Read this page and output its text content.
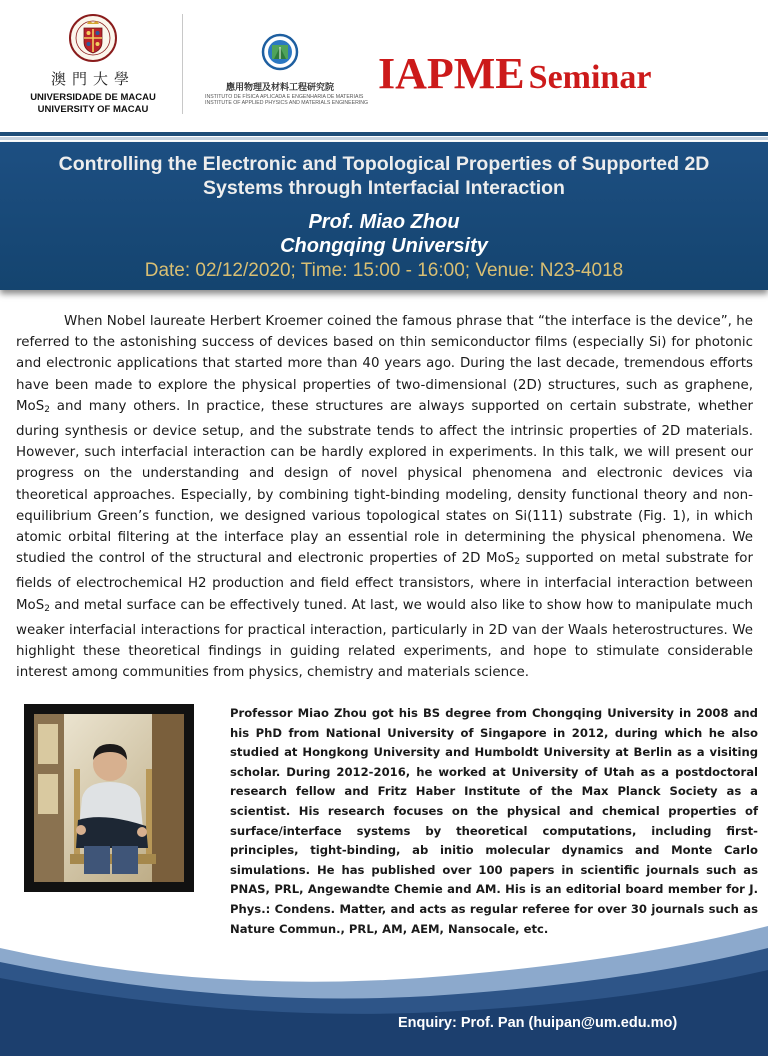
澳門大學
UNIVERSIDADE DE MACAU
UNIVERSITY OF MACAU
應用物理及材料工程研究院
INSTITUTO DE FÍSICA APLICADA E ENGENHARIA DE MATERIAIS
INSTITUTE OF APPLIED PHYSICS AND MATERIALS ENGINEERING
IAPME Seminar
Controlling the Electronic and Topological Properties of Supported 2D
Systems through Interfacial Interaction
Prof. Miao Zhou
Chongqing University
Date: 02/12/2020; Time: 15:00 - 16:00; Venue: N23-4018

When Nobel laureate Herbert Kroemer coined the famous phrase that “the interface is the device”, he referred to the astonishing success of devices based on thin semiconductor films (especially Si) for photonic and electronic applications that started more than 40 years ago. During the last decade, tremendous efforts have been made to explore the physical properties of two-dimensional (2D) structures, such as graphene, MoS$_2$ and many others. In practice, these structures are always supported on certain substrate, whether during synthesis or device setup, and the substrate tends to affect the intrinsic properties of 2D materials. However, such interfacial interaction can be hardly explored in experiments. In this talk, we will present our progress on the understanding and design of novel physical phenomena and electronic devices via theoretical approaches. Especially, by combining tight-binding modeling, density functional theory and non-equilibrium Green’s function, we designed various topological states on Si(111) substrate (Fig. 1), in which atomic orbital filtering at the interface play an essential role in determining the physical phenomena. We studied the control of the structural and electronic properties of 2D MoS$_2$ supported on metal substrate for fields of electrochemical H2 production and field effect transistors, where in interfacial interaction between MoS$_2$ and metal surface can be effectively tuned. At last, we would also like to show how to manipulate much weaker interfacial interactions for practical interaction, particularly in 2D van der Waals heterostructures. We highlight these theoretical findings in guiding related experiments, and hope to stimulate considerable interest among communities from physics, chemistry and materials science.

Professor Miao Zhou got his BS degree from Chongqing University in 2008 and his PhD from National University of Singapore in 2012, during which he also studied at Hongkong University and Humboldt University at Berlin as a visiting scholar. During 2012-2016, he worked at University of Utah as a postdoctoral research fellow and Fritz Haber Institute of the Max Planck Society as a scientist. His research focuses on the physical and chemical properties of surface/interface systems by theoretical computations, including first-principles, tight-binding, ab initio molecular dynamics and Monte Carlo simulations. He has published over 100 papers in scientific journals such as PNAS, PRL, Angewandte Chemie and AM. His is an editorial board member for J. Phys.: Condens. Matter, and acts as regular referee for over 30 journals such as Nature Commun., PRL, AM, AEM, Nansocale, etc.

Enquiry: Prof. Pan (huipan@um.edu.mo)
